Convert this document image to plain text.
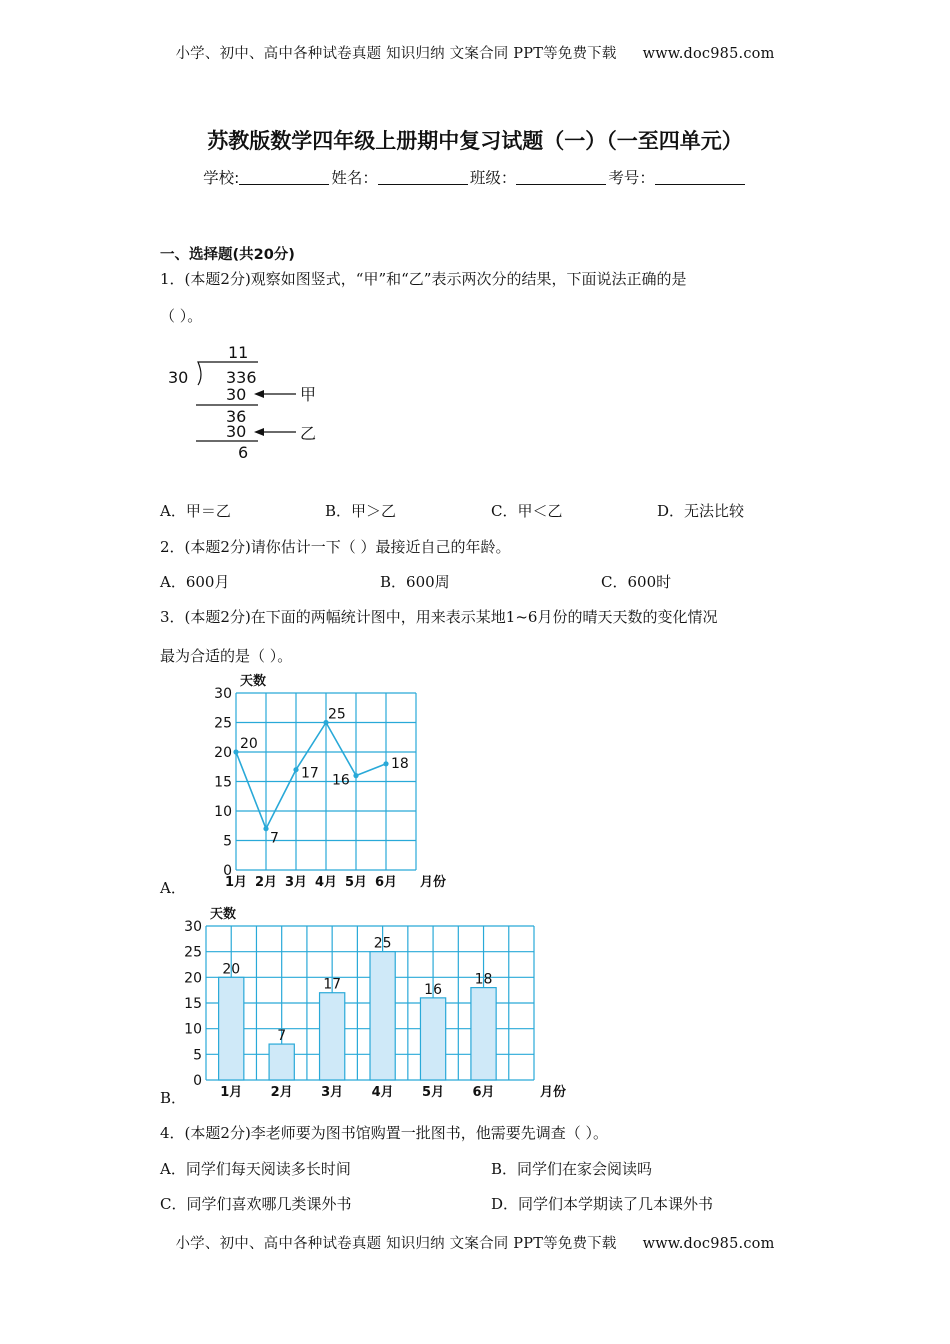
小学、初中、高中各种试卷真题 知识归纳 文案合同 PPT等免费下载 www.doc985.com
苏教版数学四年级上册期中复习试题（一）（一至四单元）
学校:	姓名：	班级：	考号：
一、选择题(共20分)
1．(本题2分)观察如图竖式，“甲”和“乙”表示两次分的结果，下面说法正确的是
（ ）。
11
30 336
30
36
30
6
甲
乙
A．甲＝乙	B．甲＞乙	C．甲＜乙	D．无法比较
2．(本题2分)请你估计一下（ ）最接近自己的年龄。
A．600月	B．600周	C．600时
3．(本题2分)在下面的两幅统计图中，用来表示某地1~6月份的晴天天数的变化情况
最为合适的是（ ）。
A．
0
5
10
15
20
25
30
天数
1月 2月 3月 4月 5月 6月 月份
20
7
17
25
16
18
B．
0
5
10
15
20
25
30
天数
1月 2月 3月 4月 5月 6月	月份
20
7
17
25
16
18
4．(本题2分)李老师要为图书馆购置一批图书，他需要先调查（ ）。
A．同学们每天阅读多长时间	B．同学们在家会阅读吗
C．同学们喜欢哪几类课外书	D．同学们本学期读了几本课外书
小学、初中、高中各种试卷真题 知识归纳 文案合同 PPT等免费下载 www.doc985.com
